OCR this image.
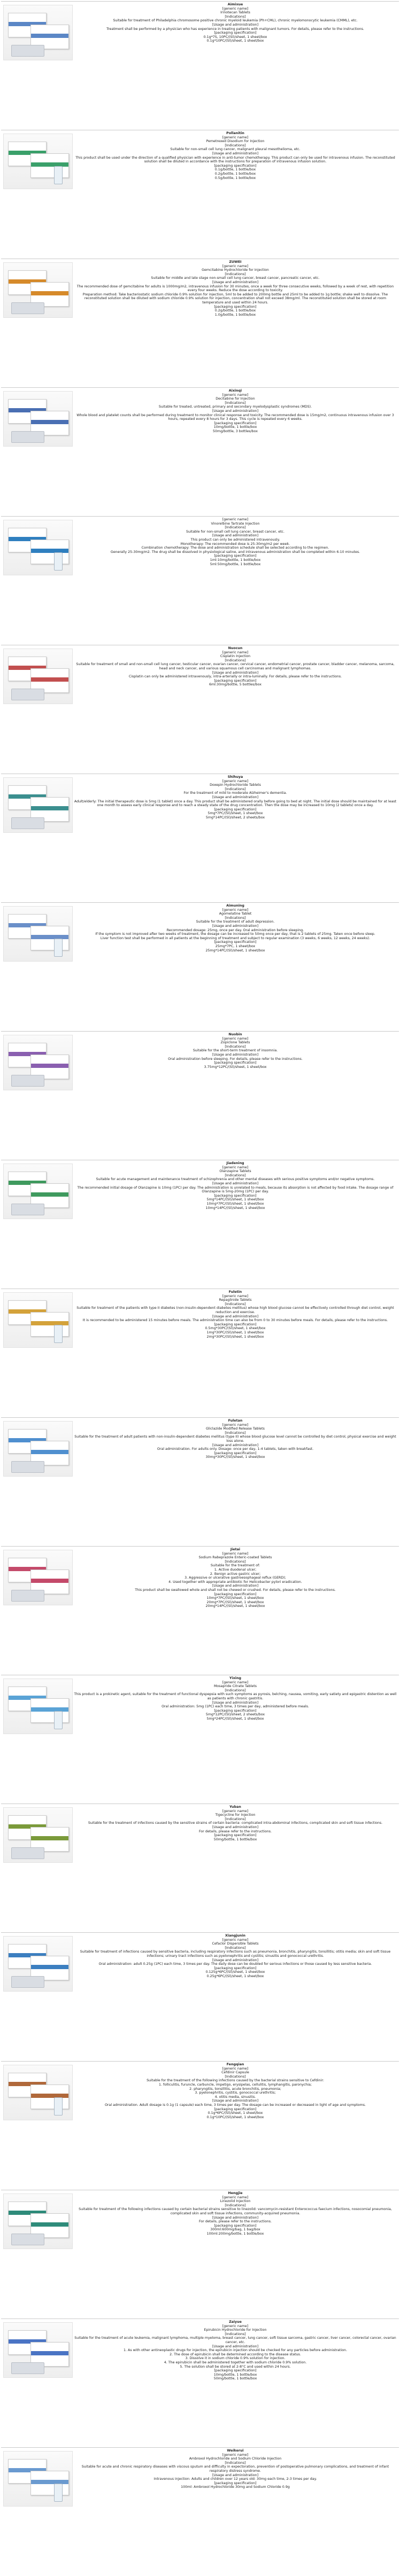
Aimixue

[generic name]

Irinotecan Tablets

[Indications]

Suitable for treatment of Philadelphia chromosome positive chronic myeloid leukemia (Ph+CML), chronic myelomonocytic leukemia (CMML), etc.

[Usage and administration]

Treatment shall be performed by a physician who has experience in treating patients with malignant tumors. For details, please refer to the instructions.

[packaging specification]

0.1g*7S, 10PC/(Sl)/sheet, 1 sheet/box

0.1g*10PC/(Sl)/sheet, 1 sheet/box

Pollanitin

[generic name]

Pemetrexed Disodium for Injection

[Indications]

Suitable for non-small cell lung cancer, malignant pleural mesothelioma, etc.

[Usage and administration]

This product shall be used under the direction of a qualified physician with experience in anti-tumor chemotherapy. This product can only be used for intravenous infusion. The reconstituted solution shall be diluted in accordance with the instructions for preparation of intravenous infusion solution.

[packaging specification]

0.1g/bottle, 1 bottle/box

0.2g/bottle, 1 bottle/box

0.5g/bottle, 1 bottle/box

ZUWEI

[generic name]

Gemcitabine Hydrochloride for Injection

[Indications]

Suitable for middle and late stage non-small cell lung cancer, breast cancer, pancreatic cancer, etc.

[Usage and administration]

The recommended dose of gemcitabine for adults is 1000mg/m2, intravenous infusion for 30 minutes, once a week for three consecutive weeks, followed by a week of rest, with repetition every four weeks. Reduce the dose according to toxicity.

Preparation method: Take bacteriostatic sodium chloride 0.9% solution for injection, 5ml to be added to 200mg bottle and 25ml to be added to 1g bottle; shake well to dissolve. The reconstituted solution shall be diluted with sodium chloride 0.9% solution for injection, concentration shall not exceed 38mg/ml. The reconstituted solution shall be stored at room temperature and used within 24 hours.

[packaging specification]

0.2g/bottle, 1 bottle/box

1.0g/bottle, 1 bottle/box

Aixinqi

[generic name]

Decitabine for Injection

[Indications]

Suitable for treated, untreated, primary and secondary myelodysplastic syndromes (MDS).

[Usage and administration]

Whole blood and platelet counts shall be performed during treatment to monitor clinical response and toxicity. The recommended dose is 15mg/m2, continuous intravenous infusion over 3 hours, repeated every 8 hours for 3 days. This cycle is repeated every 6 weeks.

[packaging specification]

10mg/bottle, 1 bottle/box

50mg/bottle, 3 bottles/box

[generic name]

Vinorelbine Tartrate Injection

[Indications]

Suitable for non-small cell lung cancer, breast cancer, etc.

[Usage and administration]

This product can only be administered intravenously.

Monotherapy: The recommended dose is 25-30mg/m2 per week.

Combination chemotherapy: The dose and administration schedule shall be selected according to the regimen.

Generally 25-30mg/m2. The drug shall be dissolved in physiological saline, and intravenous administration shall be completed within 6-10 minutes.

[packaging specification]

1ml:10mg/bottle, 1 bottle/box

5ml:50mg/bottle, 1 bottle/box

Nuocun

[generic name]

Cisplatin Injection

[Indications]

Suitable for treatment of small and non-small cell lung cancer, testicular cancer, ovarian cancer, cervical cancer, endometrial cancer, prostate cancer, bladder cancer, melanoma, sarcoma, head and neck cancer, and various squamous cell carcinomas and malignant lymphomas.

[Usage and administration]

Cisplatin can only be administered intravenously, intra-arterially or intra-luminally. For details, please refer to the instructions.

[packaging specification]

6ml:30mg/bottle, 5 bottles/box

Shihuya

[generic name]

Doxepin Hydrochloride Tablets

[Indications]

For the treatment of mild to moderate Alzheimer's dementia.

[Usage and administration]

Adult/elderly: The initial therapeutic dose is 5mg (1 tablet) once a day. This product shall be administered orally before going to bed at night. The initial dose should be maintained for at least one month to assess early clinical response and to reach a steady state of the drug concentration. Then the dose may be increased to 10mg (2 tablets) once a day.

[packaging specification]

5mg*7PC/(Sl)/sheet, 1 sheet/box

5mg*14PC/(Sl)/sheet, 2 sheets/box

Aimuning

[generic name]

Agomelatine Tablet

[Indications]

Suitable for the treatment of adult depression.

[Usage and administration]

Recommended dosage: 25mg, once per day. Oral administration before sleeping.

If the symptom is not improved after two weeks of treatment, the dosage can be increased to 50mg once per day, that is 2 tablets of 25mg. Taken once before sleep.

Liver function test shall be performed in all patients at the beginning of treatment and subject to regular examination (3 weeks, 6 weeks, 12 weeks, 24 weeks).

[packaging specification]

25mg*7PC, 1 sheet/box

25mg*14PC/(Sl)/sheet, 1 sheet/box

Nuobin

[generic name]

Zopiclone Tablets

[Indications]

Suitable for the short-term treatment of insomnia.

[Usage and administration]

Oral administration before sleeping. For details, please refer to the instructions.

[packaging specification]

3.75mg*12PC/(Sl)/sheet, 1 sheet/box

Jiadening

[generic name]

Olanzapine Tablets

[Indications]

Suitable for acute management and maintenance treatment of schizophrenia and other mental diseases with serious positive symptoms and/or negative symptoms.

[Usage and administration]

The recommended initial dosage of Olanzapine is 10mg (1PC) per day. The administration is unrelated to meals, because its absorption is not affected by food intake. The dosage range of Olanzapine is 5mg-20mg (1PC) per day.

[packaging specification]

5mg*14PC/(Sl)/sheet, 1 sheet/box

10mg*7PC/(Sl)/sheet, 1 sheet/box

10mg*14PC/(Sl)/sheet, 1 sheet/box

Fuletin

[generic name]

Repaglinide Tablets

[Indications]

Suitable for treatment of the patients with type II diabetes (non-insulin-dependent diabetes mellitus) whose high blood glucose cannot be effectively controlled through diet control, weight reduction and exercise.

[Usage and administration]

It is recommended to be administered 15 minutes before meals. The administration time can also be from 0 to 30 minutes before meals. For details, please refer to the instructions.

[packaging specification]

0.5mg*30PC/(Sl)/sheet, 1 sheet/box

1mg*30PC/(Sl)/sheet, 1 sheet/box

2mg*30PC/(Sl)/sheet, 1 sheet/box

Fuletan

[generic name]

Gliclazide Modified Release Tablets

[Indications]

Suitable for the treatment of adult patients with non-insulin-dependent diabetes mellitus (type II) whose blood glucose level cannot be controlled by diet control, physical exercise and weight loss alone.

[Usage and administration]

Oral administration. For adults only. Dosage: once per day, 1-4 tablets, taken with breakfast.

[packaging specification]

30mg*30PC/(Sl)/sheet, 1 sheet/box

Jietai

[generic name]

Sodium Rabeprazole Enteric-coated Tablets

[Indications]

Suitable for the treatment of:

1. Active duodenal ulcer;

2. Benign active gastric ulcer;

3. Aggressive or ulcerative gastroesophageal reflux (GERD);

4. Used together with appropriate antibiotic for Helicobacter pylori eradication.

[Usage and administration]

This product shall be swallowed whole and shall not be chewed or crushed. For details, please refer to the instructions.

[packaging specification]

10mg*7PC/(Sl)/sheet, 1 sheet/box

20mg*7PC/(Sl)/sheet, 1 sheet/box

20mg*14PC/(Sl)/sheet, 1 sheet/box

Yixing

[generic name]

Mosapride Citrate Tablets

[Indications]

This product is a prokinetic agent, suitable for the treatment of functional dyspepsia with such symptoms as pyrosis, belching, nausea, vomiting, early satiety and epigastric distention as well as patients with chronic gastritis.

[Usage and administration]

Oral administration: 5mg (1PC) each time, 3 times per day, administered before meals.

[packaging specification]

5mg*12PC/(Sl)/sheet, 2 sheets/box

5mg*24PC/(Sl)/sheet, 1 sheet/box

Yuban

[generic name]

Tigecycline for Injection

[Indications]

Suitable for the treatment of infections caused by the sensitive strains of certain bacteria: complicated intra-abdominal infections, complicated skin and soft tissue infections.

[Usage and administration]

For details, please refer to the instructions.

[packaging specification]

50mg/bottle, 1 bottle/box

Xiangjunin

[generic name]

Cefaclor Dispersible Tablets

[Indications]

Suitable for treatment of infections caused by sensitive bacteria, including respiratory infections such as pneumonia, bronchitis, pharyngitis, tonsillitis; otitis media; skin and soft tissue infections; urinary tract infections such as pyelonephritis and cystitis; sinusitis and gonococcal urethritis.

[Usage and administration]

Oral administration: adult 0.25g (1PC) each time, 3 times per day. The daily dose can be doubled for serious infections or those caused by less sensitive bacteria.

[packaging specification]

0.125g*6PC/(Sl)/sheet, 1 sheet/box

0.25g*6PC/(Sl)/sheet, 1 sheet/box

Fengqian

[generic name]

Cefdinir Capsule

[Indications]

Suitable for the treatment of the following infections caused by the bacterial strains sensitive to Cefdinir:

1. folliculitis, furuncle, carbuncle, impetigo, erysipelas, cellulitis, lymphangitis, paronychia;

2. pharyngitis, tonsillitis, acute bronchitis, pneumonia;

3. pyelonephritis, cystitis, gonococcal urethritis;

4. otitis media, sinusitis.

[Usage and administration]

Oral administration. Adult dosage is 0.1g (1 capsule) each time, 3 times per day. The dosage can be increased or decreased in light of age and symptoms.

[packaging specification]

0.1g*6PC/(Sl)/sheet, 1 sheet/box

0.1g*10PC/(Sl)/sheet, 1 sheet/box

Hengjie

[generic name]

Linezolid Injection

[Indications]

Suitable for treatment of the following infections caused by certain bacterial strains sensitive to linezolid: vancomycin-resistant Enterococcus faecium infections, nosocomial pneumonia, complicated skin and soft tissue infections, community-acquired pneumonia.

[Usage and administration]

For details, please refer to the instructions.

[packaging specification]

300ml:600mg/bag, 1 bag/box

100ml:200mg/bottle, 1 bottle/box

Zaiyue

[generic name]

Epirubicin Hydrochloride for Injection

[Indications]

Suitable for the treatment of acute leukemia, malignant lymphoma, multiple myeloma, breast cancer, lung cancer, soft tissue sarcoma, gastric cancer, liver cancer, colorectal cancer, ovarian cancer, etc.

[Usage and administration]

1. As with other antineoplastic drugs for injection, the epirubicin injection should be checked for any particles before administration.

2. The dose of epirubicin shall be determined according to the disease status.

3. Dissolve it in sodium chloride 0.9% solution for injection.

4. The epirubicin shall be administered together with sodium chloride 0.9% solution.

5. The solution shall be stored at 2-8°C and used within 24 hours.

[packaging specification]

10mg/bottle, 1 bottle/box

50mg/bottle, 1 bottle/box

Weikerui

[generic name]

Ambroxol Hydrochloride and Sodium Chloride Injection

[Indications]

Suitable for acute and chronic respiratory diseases with viscous sputum and difficulty in expectoration, prevention of postoperative pulmonary complications, and treatment of infant respiratory distress syndrome.

[Usage and administration]

Intravenous injection: Adults and children over 12 years old: 30mg each time, 2-3 times per day.

[packaging specification]

100ml: Ambroxol Hydrochloride 30mg and Sodium Chloride 0.9g
